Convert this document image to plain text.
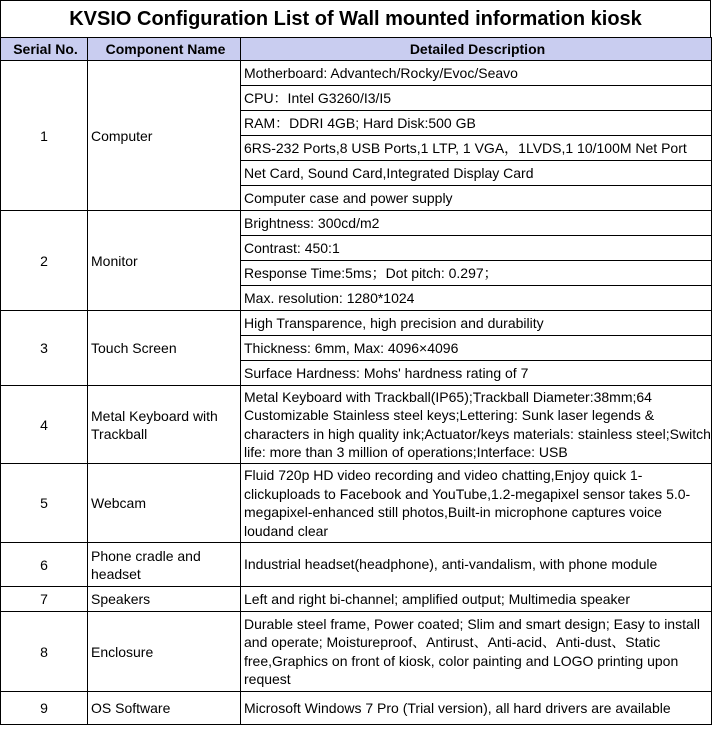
KVSIO Configuration List of Wall mounted information kiosk
Serial No.	Component Name	Detailed Description
1	Computer	Motherboard: Advantech/Rocky/Evoc/Seavo
		CPU：Intel G3260/I3/I5
		RAM：DDRI 4GB; Hard Disk:500 GB
		6RS-232 Ports,8 USB Ports,1 LTP, 1 VGA，1LVDS,1 10/100M Net Port
		Net Card, Sound Card,Integrated Display Card
		Computer case and power supply
2	Monitor	Brightness: 300cd/m2
		Contrast: 450:1
		Response Time:5ms；Dot pitch: 0.297；
		Max. resolution: 1280*1024
3	Touch Screen	High Transparence, high precision and durability
		Thickness: 6mm, Max: 4096×4096
		Surface Hardness: Mohs' hardness rating of 7
4	Metal Keyboard with Trackball	Metal Keyboard with Trackball(IP65);Trackball Diameter:38mm;64 Customizable Stainless steel keys;Lettering: Sunk laser legends & characters in high quality ink;Actuator/keys materials: stainless steel;Switch life: more than 3 million of operations;Interface: USB
5	Webcam	Fluid 720p HD video recording and video chatting,Enjoy quick 1-clickuploads to Facebook and YouTube,1.2-megapixel sensor takes 5.0-megapixel-enhanced still photos,Built-in microphone captures voice loudand clear
6	Phone cradle and headset	Industrial headset(headphone), anti-vandalism, with phone module
7	Speakers	Left and right bi-channel; amplified output; Multimedia speaker
8	Enclosure	Durable steel frame, Power coated; Slim and smart design; Easy to install and operate; Moistureproof、Antirust、Anti-acid、Anti-dust、Static free,Graphics on front of kiosk, color painting and LOGO printing upon request
9	OS Software	Microsoft Windows 7 Pro (Trial version), all hard drivers are available
